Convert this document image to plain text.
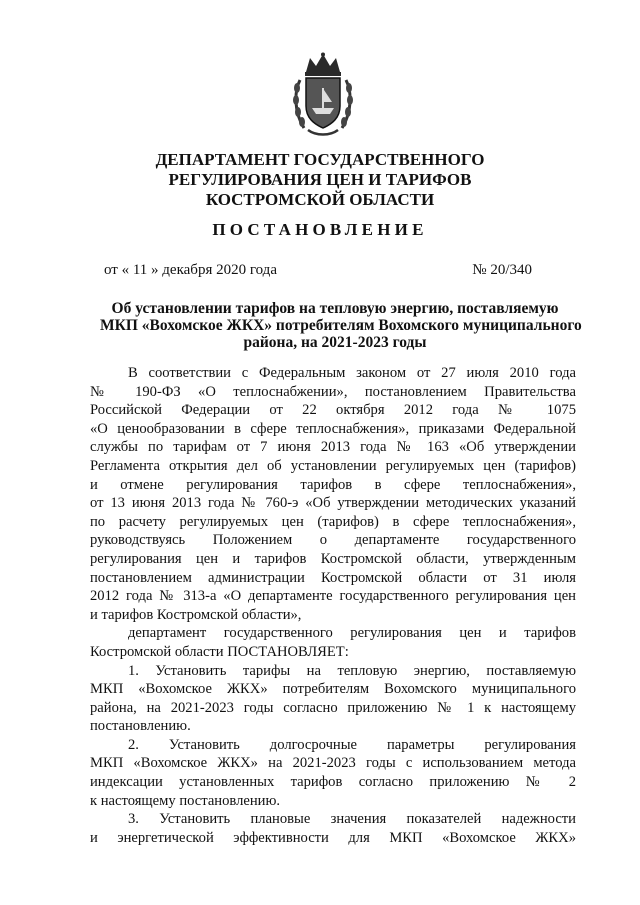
ДЕПАРТАМЕНТ ГОСУДАРСТВЕННОГО
РЕГУЛИРОВАНИЯ ЦЕН И ТАРИФОВ
КОСТРОМСКОЙ ОБЛАСТИ
ПОСТАНОВЛЕНИЕ
от « 11 » декабря 2020 года	№ 20/340
Об установлении тарифов на тепловую энергию, поставляемую
МКП «Вохомское ЖКХ» потребителям Вохомского муниципального
района, на 2021-2023 годы
В соответствии с Федеральным законом от 27 июля 2010 года
№ 190-ФЗ «О теплоснабжении», постановлением Правительства
Российской Федерации от 22 октября 2012 года № 1075
«О ценообразовании в сфере теплоснабжения», приказами Федеральной
службы по тарифам от 7 июня 2013 года № 163 «Об утверждении
Регламента открытия дел об установлении регулируемых цен (тарифов)
и отмене регулирования тарифов в сфере теплоснабжения»,
от 13 июня 2013 года № 760-э «Об утверждении методических указаний
по расчету регулируемых цен (тарифов) в сфере теплоснабжения»,
руководствуясь Положением о департаменте государственного
регулирования цен и тарифов Костромской области, утвержденным
постановлением администрации Костромской области от 31 июля
2012 года № 313-а «О департаменте государственного регулирования цен
и тарифов Костромской области»,
департамент государственного регулирования цен и тарифов
Костромской области ПОСТАНОВЛЯЕТ:
1. Установить тарифы на тепловую энергию, поставляемую
МКП «Вохомское ЖКХ» потребителям Вохомского муниципального
района, на 2021-2023 годы согласно приложению № 1 к настоящему
постановлению.
2. Установить долгосрочные параметры регулирования
МКП «Вохомское ЖКХ» на 2021-2023 годы с использованием метода
индексации установленных тарифов согласно приложению № 2
к настоящему постановлению.
3. Установить плановые значения показателей надежности
и энергетической эффективности для МКП «Вохомское ЖКХ»
